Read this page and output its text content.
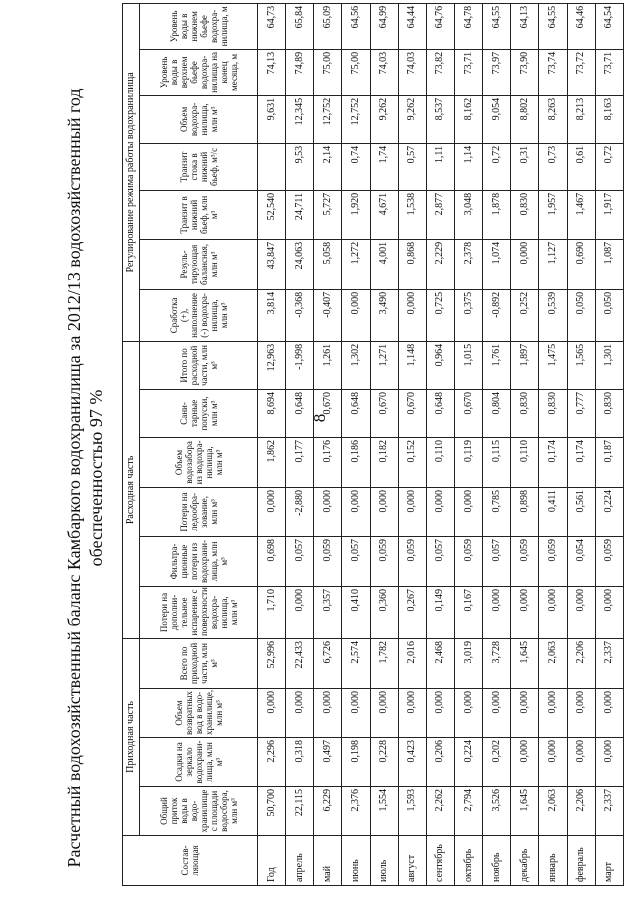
8
Расчетный водохозяйственный баланс Камбаркого водохранилища за 2012/13 водохозяйственный год обеспеченностью 97 %
Состав-ляющая	Приходная часть				Расходная часть						Регулирование режима работы водохранилища						
	Общий приток воды в водо-хранилище с площади водосбора, млн м³	Осадки на зеркало водохрани-лища, млн м³	Объем возвратных вод в водо-хранилище, млн м³	Всего по приходной части, млн м³	Потери на дополни-тельное испарение с поверхности водохра-нилища, млн м³	Фильтра-ционные потери из водохрани-лища, млн м³	Потери на ледообра-зование, млн м³	Объем водозабора из водохра-нилища, млн м³	Сани-тарные попуски, млн м³	Итого по расходной части, млн м³	Сработка (+), наполнение (-) водохра-нилища, млн м³	Резуль-тирующая балансная, млн м³	Транзит в нижний бьеф, млн м³	Транзит стока в нижний бьеф, м³/с	Объем водохра-нилища, млн м³	Уровень воды в верхнем бьефе водохра-нилища на конец месяца, м	Уровень воды в нижнем бьефе водохра-нилища, м
Год	50,700	2,296	0,000	52,996	1,710	0,698	0,000	1,862	8,694	12,963	3,814	43,847	52,540		9,631	74,13	64,73
апрель	22,115	0,318	0,000	22,433	0,000	0,057	-2,880	0,177	0,648	-1,998	-0,368	24,063	24,711	9,53	12,345	74,89	65,84
май	6,229	0,497	0,000	6,726	0,357	0,059	0,000	0,176	0,670	1,261	-0,407	5,058	5,727	2,14	12,752	75,00	65,09
июнь	2,376	0,198	0,000	2,574	0,410	0,057	0,000	0,186	0,648	1,302	0,000	1,272	1,920	0,74	12,752	75,00	64,56
июль	1,554	0,228	0,000	1,782	0,360	0,059	0,000	0,182	0,670	1,271	3,490	4,001	4,671	1,74	9,262	74,03	64,99
август	1,593	0,423	0,000	2,016	0,267	0,059	0,000	0,152	0,670	1,148	0,000	0,868	1,538	0,57	9,262	74,03	64,44
сентябрь	2,262	0,206	0,000	2,468	0,149	0,057	0,000	0,110	0,648	0,964	0,725	2,229	2,877	1,11	8,537	73,82	64,76
октябрь	2,794	0,224	0,000	3,019	0,167	0,059	0,000	0,119	0,670	1,015	0,375	2,378	3,048	1,14	8,162	73,71	64,78
ноябрь	3,526	0,202	0,000	3,728	0,000	0,057	0,785	0,115	0,804	1,761	-0,892	1,074	1,878	0,72	9,054	73,97	64,55
декабрь	1,645	0,000	0,000	1,645	0,000	0,059	0,898	0,110	0,830	1,897	0,252	0,000	0,830	0,31	8,802	73,90	64,13
январь	2,063	0,000	0,000	2,063	0,000	0,059	0,411	0,174	0,830	1,475	0,539	1,127	1,957	0,73	8,263	73,74	64,55
февраль	2,206	0,000	0,000	2,206	0,000	0,054	0,561	0,174	0,777	1,565	0,050	0,690	1,467	0,61	8,213	73,72	64,46
март	2,337	0,000	0,000	2,337	0,000	0,059	0,224	0,187	0,830	1,301	0,050	1,087	1,917	0,72	8,163	73,71	64,54
